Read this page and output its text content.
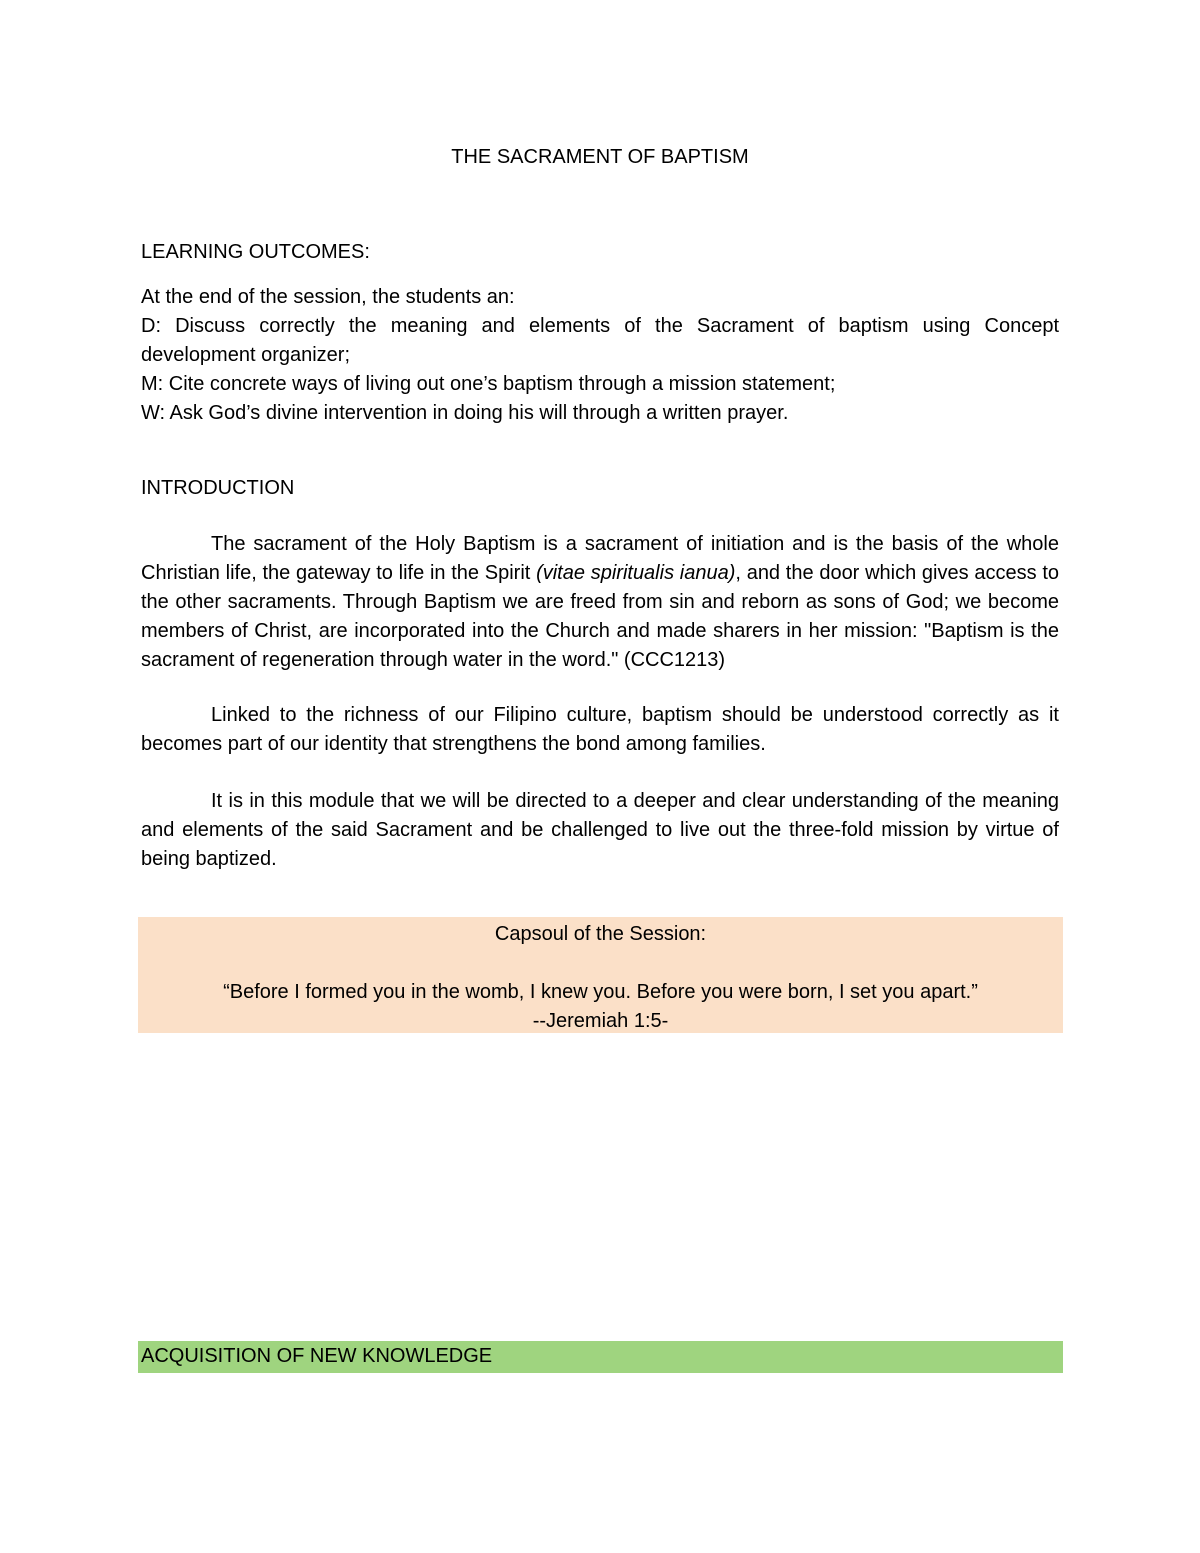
THE SACRAMENT OF BAPTISM
LEARNING OUTCOMES:
At the end of the session, the students an:
D: Discuss correctly the meaning and elements of the Sacrament of baptism using Concept development organizer;
M: Cite concrete ways of living out one’s baptism through a mission statement;
W: Ask God’s divine intervention in doing his will through a written prayer.
INTRODUCTION
The sacrament of the Holy Baptism is a sacrament of initiation and is the basis of the whole Christian life, the gateway to life in the Spirit (vitae spiritualis ianua), and the door which gives access to the other sacraments. Through Baptism we are freed from sin and reborn as sons of God; we become members of Christ, are incorporated into the Church and made sharers in her mission: "Baptism is the sacrament of regeneration through water in the word." (CCC1213)
Linked to the richness of our Filipino culture, baptism should be understood correctly as it becomes part of our identity that strengthens the bond among families.
It is in this module that we will be directed to a deeper and clear understanding of the meaning and elements of the said Sacrament and be challenged to live out the three-fold mission by virtue of being baptized.
Capsoul of the Session:
“Before I formed you in the womb, I knew you. Before you were born, I set you apart.”
--Jeremiah 1:5-
ACQUISITION OF NEW KNOWLEDGE
